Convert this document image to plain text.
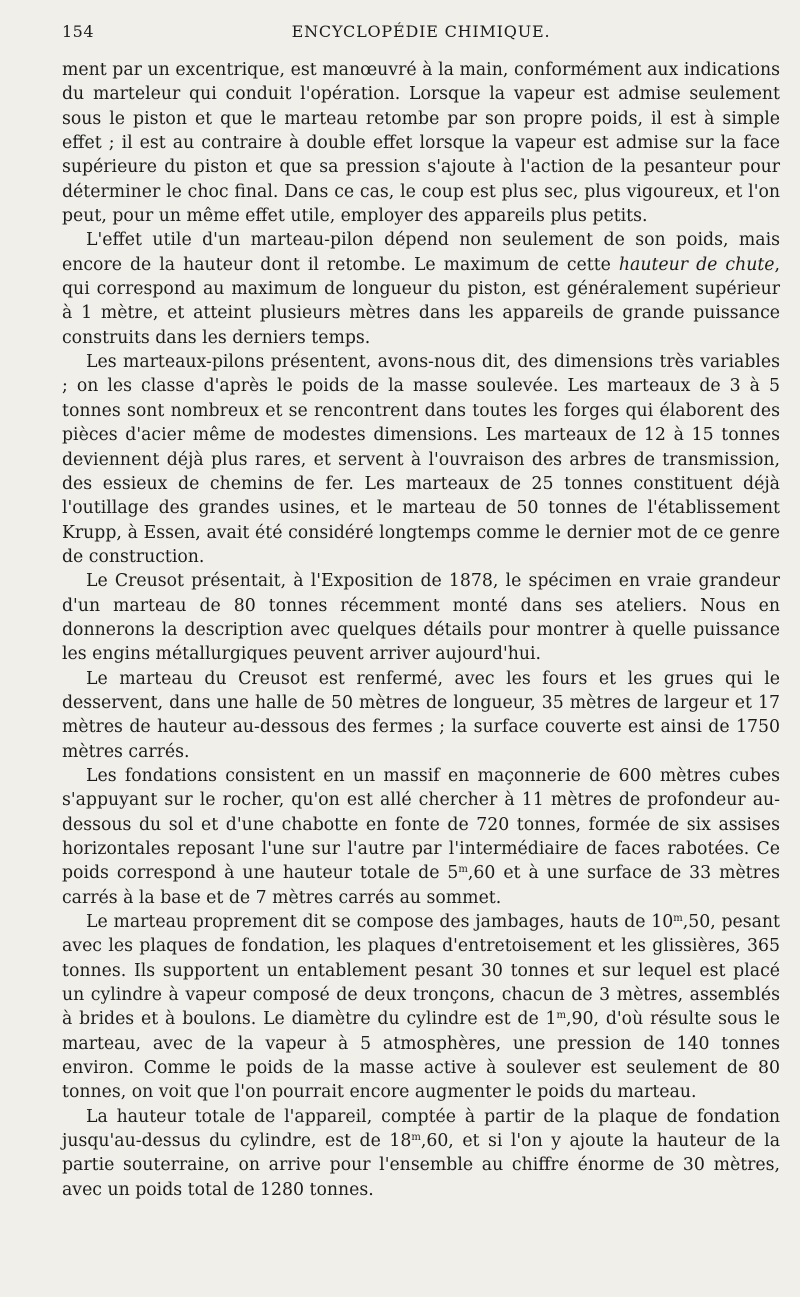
154	ENCYCLOPÉDIE CHIMIQUE.

ment par un excentrique, est manœuvré à la main, conformément aux indications du marteleur qui conduit l'opération. Lorsque la vapeur est admise seulement sous le piston et que le marteau retombe par son propre poids, il est à simple effet ; il est au contraire à double effet lorsque la vapeur est admise sur la face supérieure du piston et que sa pression s'ajoute à l'action de la pesanteur pour déterminer le choc final. Dans ce cas, le coup est plus sec, plus vigoureux, et l'on peut, pour un même effet utile, employer des appareils plus petits.

L'effet utile d'un marteau-pilon dépend non seulement de son poids, mais encore de la hauteur dont il retombe. Le maximum de cette hauteur de chute, qui correspond au maximum de longueur du piston, est généralement supérieur à 1 mètre, et atteint plusieurs mètres dans les appareils de grande puissance construits dans les derniers temps.

Les marteaux-pilons présentent, avons-nous dit, des dimensions très variables ; on les classe d'après le poids de la masse soulevée. Les marteaux de 3 à 5 tonnes sont nombreux et se rencontrent dans toutes les forges qui élaborent des pièces d'acier même de modestes dimensions. Les marteaux de 12 à 15 tonnes deviennent déjà plus rares, et servent à l'ouvraison des arbres de transmission, des essieux de chemins de fer. Les marteaux de 25 tonnes constituent déjà l'outillage des grandes usines, et le marteau de 50 tonnes de l'établissement Krupp, à Essen, avait été considéré longtemps comme le dernier mot de ce genre de construction.

Le Creusot présentait, à l'Exposition de 1878, le spécimen en vraie grandeur d'un marteau de 80 tonnes récemment monté dans ses ateliers. Nous en donnerons la description avec quelques détails pour montrer à quelle puissance les engins métallurgiques peuvent arriver aujourd'hui.

Le marteau du Creusot est renfermé, avec les fours et les grues qui le desservent, dans une halle de 50 mètres de longueur, 35 mètres de largeur et 17 mètres de hauteur au-dessous des fermes ; la surface couverte est ainsi de 1750 mètres carrés.

Les fondations consistent en un massif en maçonnerie de 600 mètres cubes s'appuyant sur le rocher, qu'on est allé chercher à 11 mètres de profondeur au-dessous du sol et d'une chabotte en fonte de 720 tonnes, formée de six assises horizontales reposant l'une sur l'autre par l'intermédiaire de faces rabotées. Ce poids correspond à une hauteur totale de 5$^m$,60 et à une surface de 33 mètres carrés à la base et de 7 mètres carrés au sommet.

Le marteau proprement dit se compose des jambages, hauts de 10$^m$,50, pesant avec les plaques de fondation, les plaques d'entretoisement et les glissières, 365 tonnes. Ils supportent un entablement pesant 30 tonnes et sur lequel est placé un cylindre à vapeur composé de deux tronçons, chacun de 3 mètres, assemblés à brides et à boulons. Le diamètre du cylindre est de 1$^m$,90, d'où résulte sous le marteau, avec de la vapeur à 5 atmosphères, une pression de 140 tonnes environ. Comme le poids de la masse active à soulever est seulement de 80 tonnes, on voit que l'on pourrait encore augmenter le poids du marteau.

La hauteur totale de l'appareil, comptée à partir de la plaque de fondation jusqu'au-dessus du cylindre, est de 18$^m$,60, et si l'on y ajoute la hauteur de la partie souterraine, on arrive pour l'ensemble au chiffre énorme de 30 mètres, avec un poids total de 1280 tonnes.
